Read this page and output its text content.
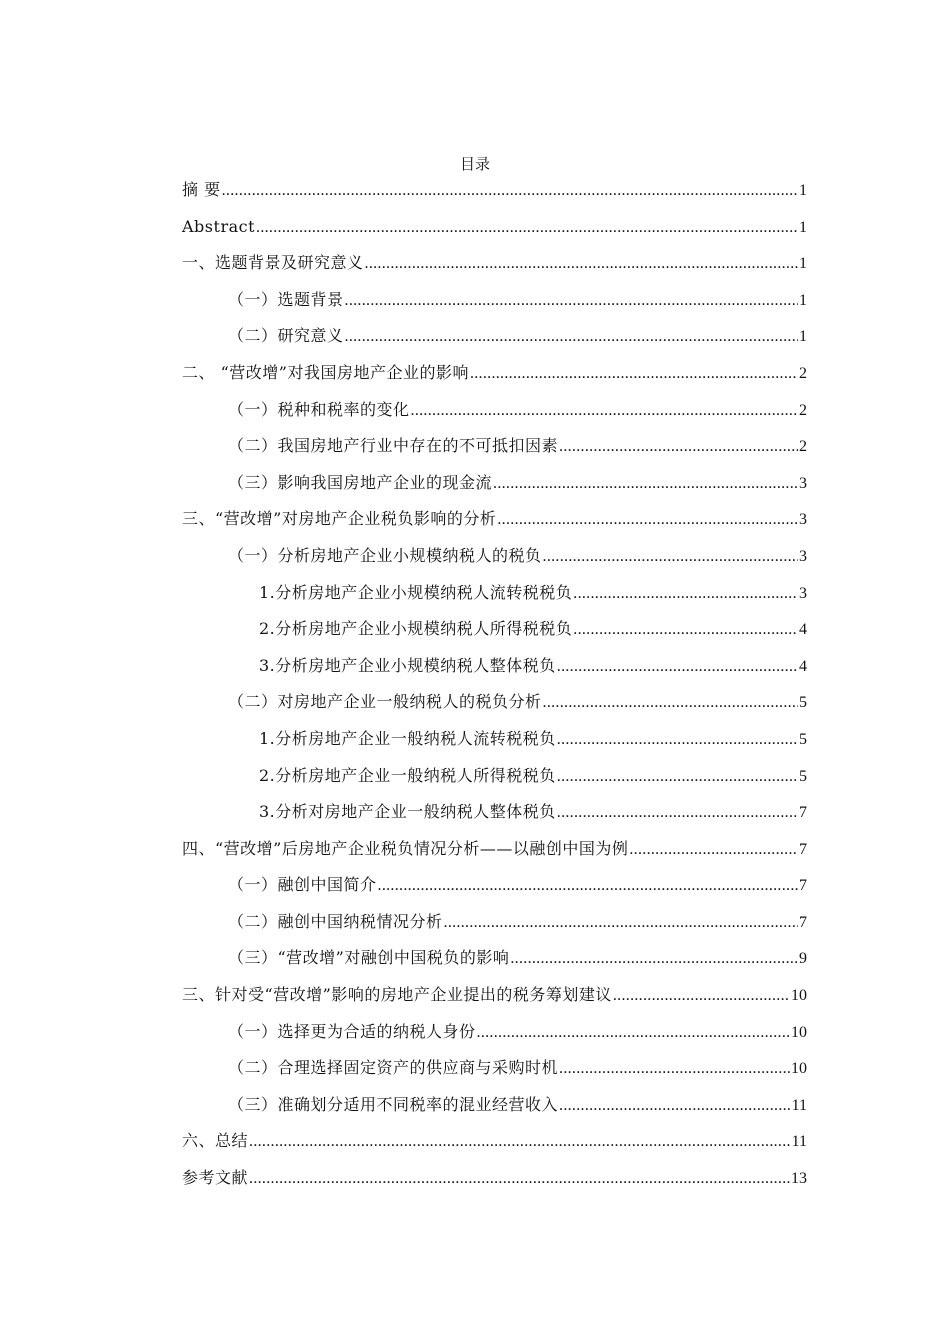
目录
摘 要 .....	1
Abstract .....	1
一、选题背景及研究意义 .....	1
（一）选题背景 .....	1
（二）研究意义 .....	1
二、 “营改增”对我国房地产企业的影响 .....	2
（一）税种和税率的变化 .....	2
（二）我国房地产行业中存在的不可抵扣因素 .....	2
（三）影响我国房地产企业的现金流 .....	3
三、“营改增”对房地产企业税负影响的分析 .....	3
（一）分析房地产企业小规模纳税人的税负 .....	3
1.分析房地产企业小规模纳税人流转税税负 .....	3
2.分析房地产企业小规模纳税人所得税税负 .....	4
3.分析房地产企业小规模纳税人整体税负 .....	4
（二）对房地产企业一般纳税人的税负分析 .....	5
1.分析房地产企业一般纳税人流转税税负 .....	5
2.分析房地产企业一般纳税人所得税税负 .....	5
3.分析对房地产企业一般纳税人整体税负 .....	7
四、“营改增”后房地产企业税负情况分析——以融创中国为例 .....	7
（一）融创中国简介 .....	7
（二）融创中国纳税情况分析 .....	7
（三）“营改增”对融创中国税负的影响 .....	9
三、针对受“营改增”影响的房地产企业提出的税务筹划建议 .....	10
（一）选择更为合适的纳税人身份 .....	10
（二）合理选择固定资产的供应商与采购时机 .....	10
（三）准确划分适用不同税率的混业经营收入 .....	11
六、总结 .....	11
参考文献 .....	13
